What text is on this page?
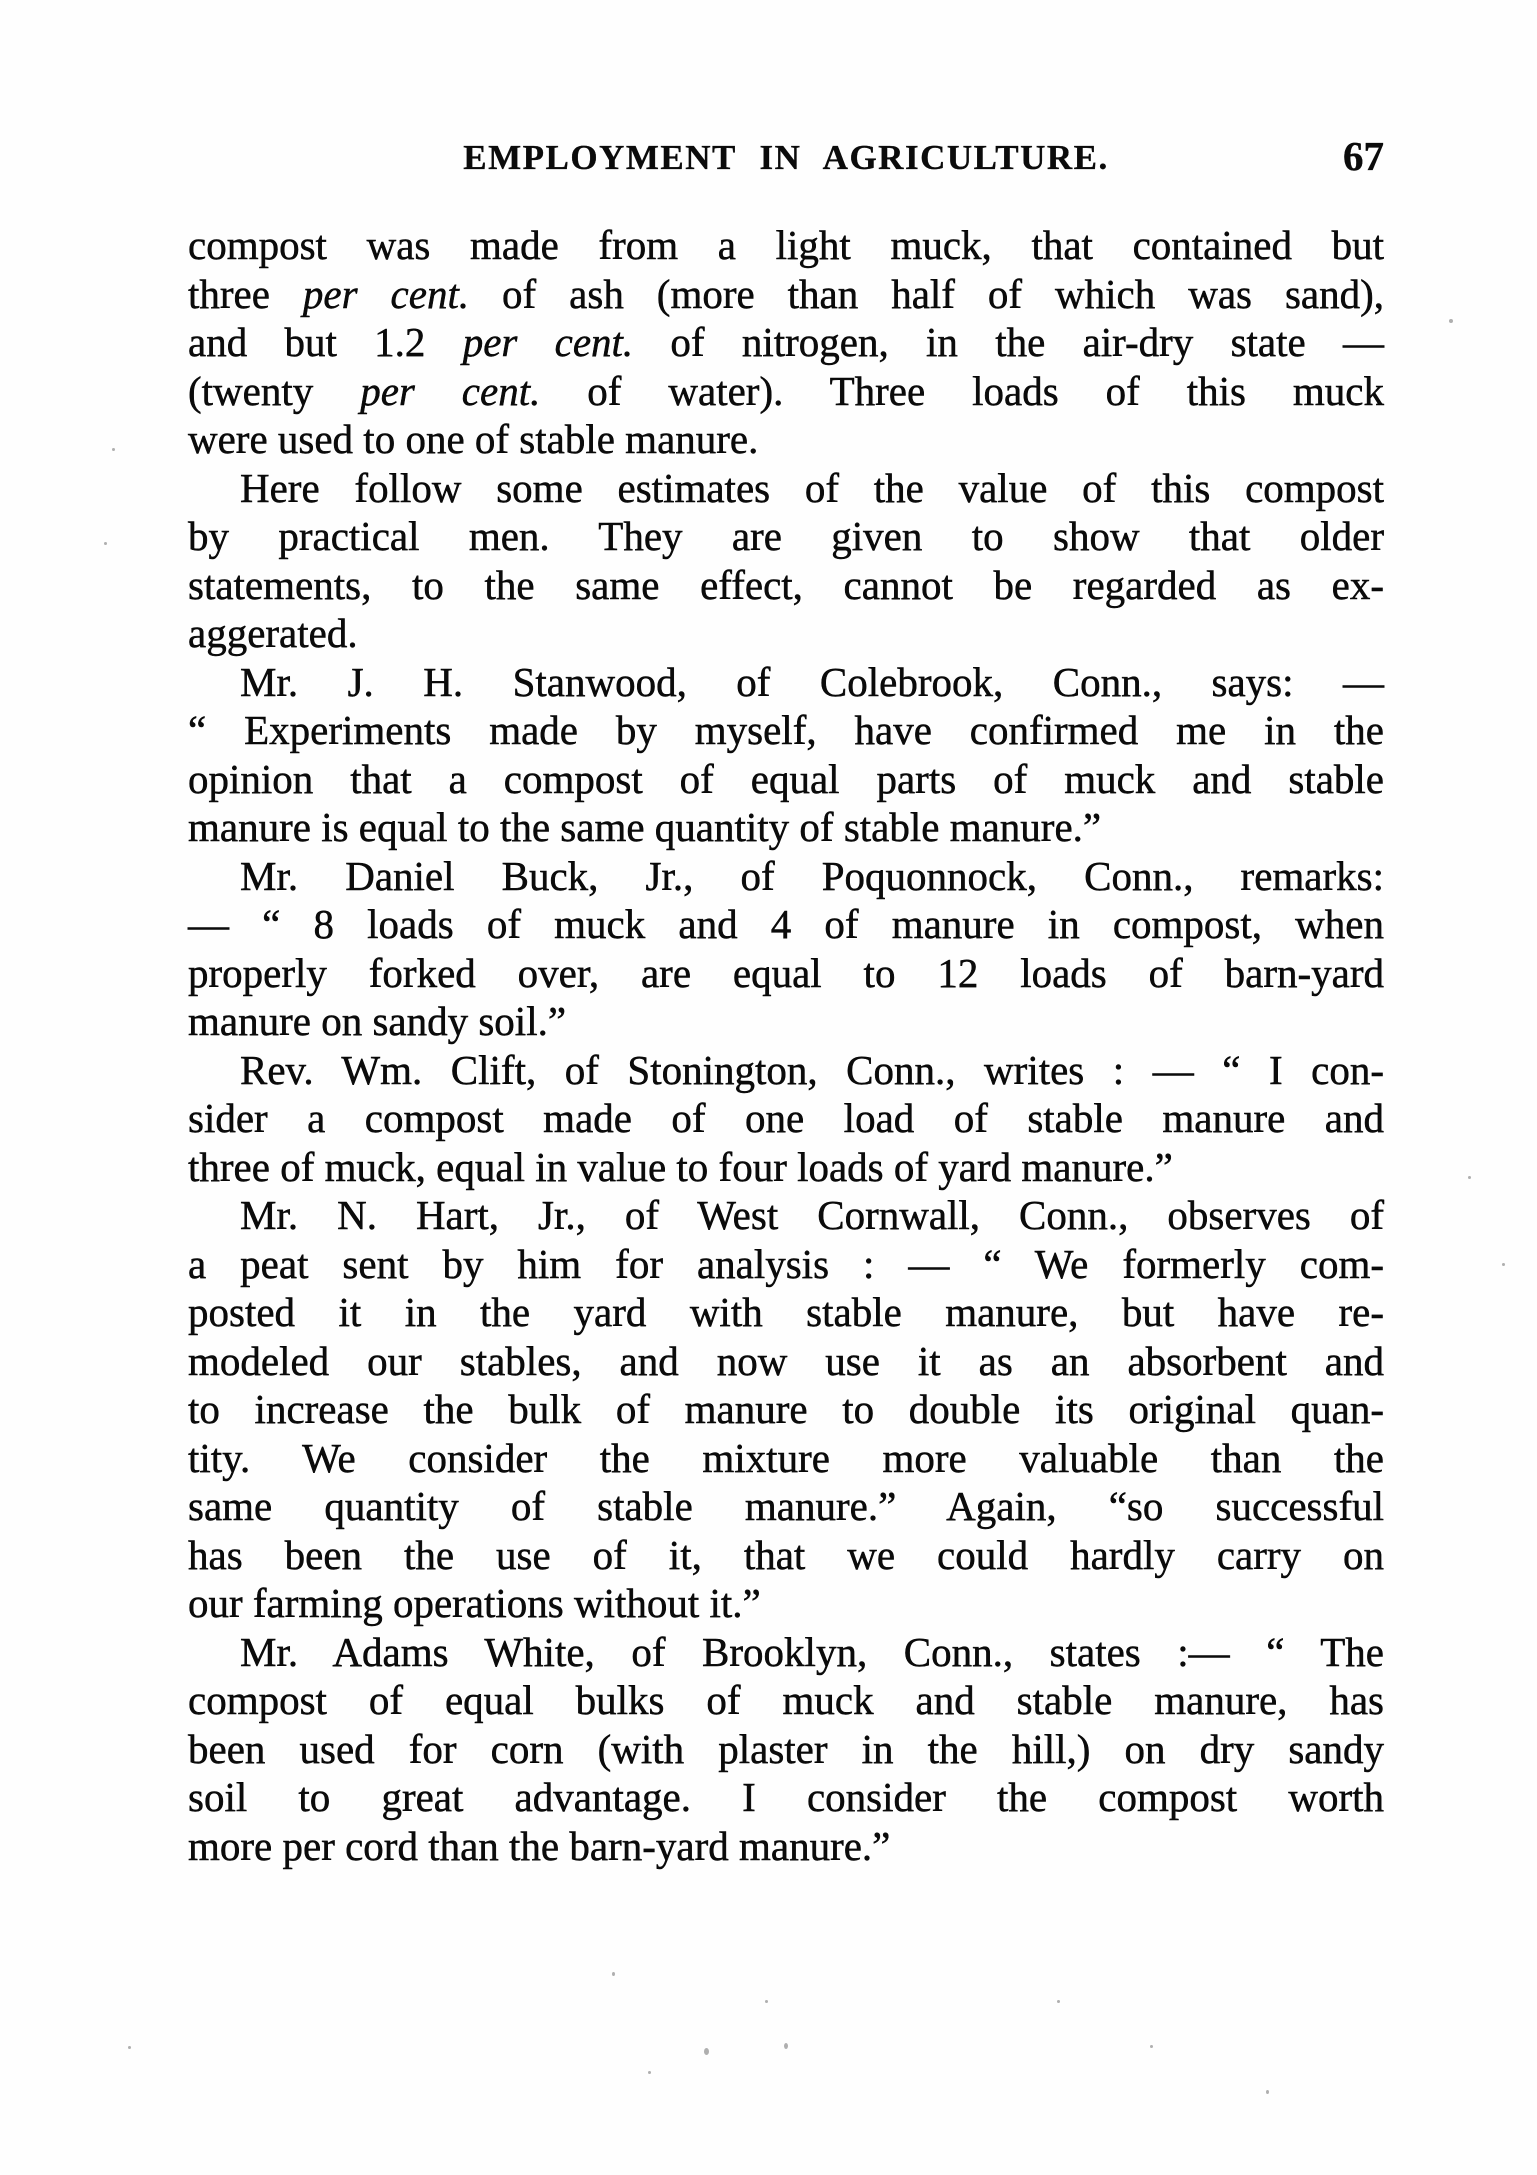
EMPLOYMENT IN AGRICULTURE.	67
compost was made from a light muck, that contained but
three per cent. of ash (more than half of which was sand),
and but 1.2 per cent. of nitrogen, in the air-dry state —
(twenty per cent. of water). Three loads of this muck
were used to one of stable manure.
Here follow some estimates of the value of this compost
by practical men. They are given to show that older
statements, to the same effect, cannot be regarded as ex-
aggerated.
Mr. J. H. Stanwood, of Colebrook, Conn., says: —
“ Experiments made by myself, have confirmed me in the
opinion that a compost of equal parts of muck and stable
manure is equal to the same quantity of stable manure.”
Mr. Daniel Buck, Jr., of Poquonnock, Conn., remarks:
— “ 8 loads of muck and 4 of manure in compost, when
properly forked over, are equal to 12 loads of barn-yard
manure on sandy soil.”
Rev. Wm. Clift, of Stonington, Conn., writes : — “ I con-
sider a compost made of one load of stable manure and
three of muck, equal in value to four loads of yard manure.”
Mr. N. Hart, Jr., of West Cornwall, Conn., observes of
a peat sent by him for analysis : — “ We formerly com-
posted it in the yard with stable manure, but have re-
modeled our stables, and now use it as an absorbent and
to increase the bulk of manure to double its original quan-
tity. We consider the mixture more valuable than the
same quantity of stable manure.” Again, “so successful
has been the use of it, that we could hardly carry on
our farming operations without it.”
Mr. Adams White, of Brooklyn, Conn., states :— “ The
compost of equal bulks of muck and stable manure, has
been used for corn (with plaster in the hill,) on dry sandy
soil to great advantage. I consider the compost worth
more per cord than the barn-yard manure.”
